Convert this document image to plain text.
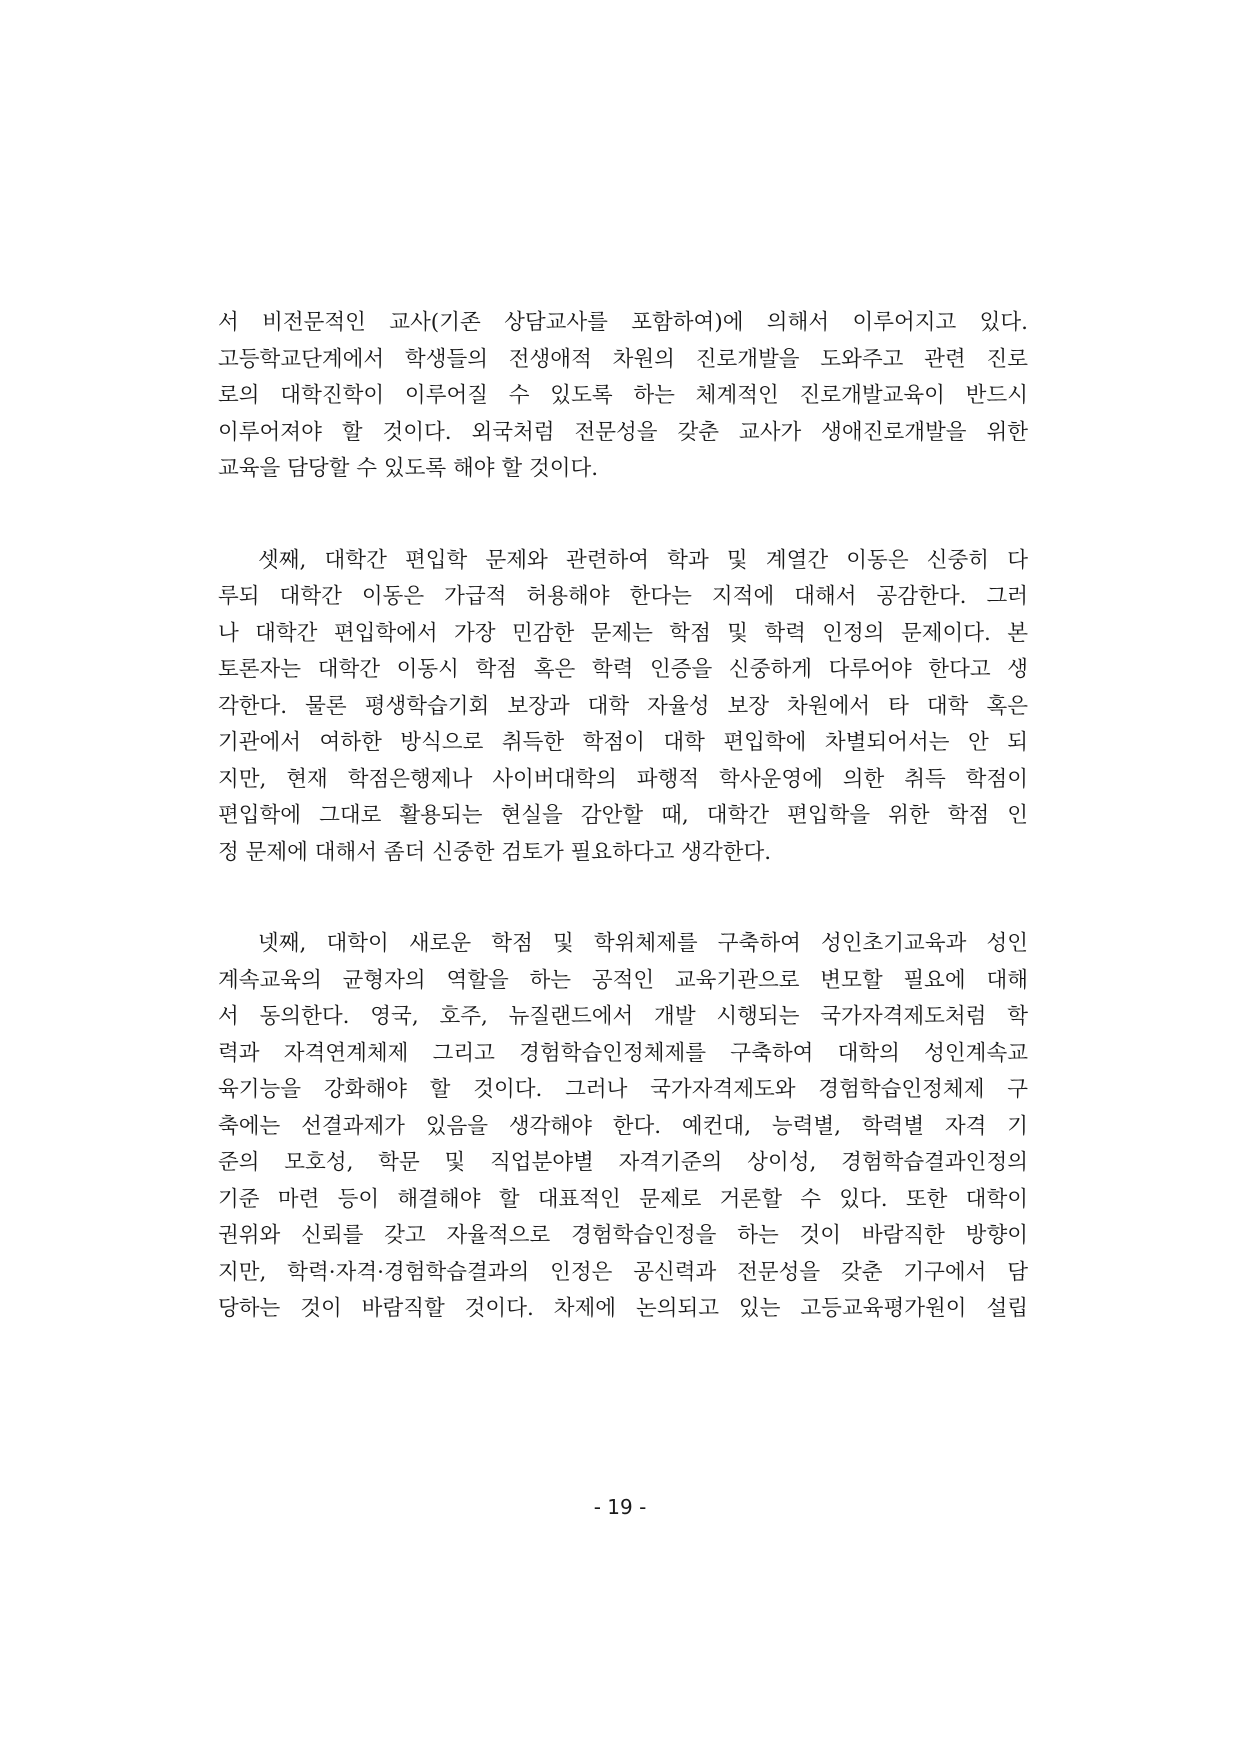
서 비전문적인 교사(기존 상담교사를 포함하여)에 의해서 이루어지고 있다.
고등학교단계에서 학생들의 전생애적 차원의 진로개발을 도와주고 관련 진로
로의 대학진학이 이루어질 수 있도록 하는 체계적인 진로개발교육이 반드시
이루어져야 할 것이다. 외국처럼 전문성을 갖춘 교사가 생애진로개발을 위한
교육을 담당할 수 있도록 해야 할 것이다.
셋째, 대학간 편입학 문제와 관련하여 학과 및 계열간 이동은 신중히 다
루되 대학간 이동은 가급적 허용해야 한다는 지적에 대해서 공감한다. 그러
나 대학간 편입학에서 가장 민감한 문제는 학점 및 학력 인정의 문제이다. 본
토론자는 대학간 이동시 학점 혹은 학력 인증을 신중하게 다루어야 한다고 생
각한다. 물론 평생학습기회 보장과 대학 자율성 보장 차원에서 타 대학 혹은
기관에서 여하한 방식으로 취득한 학점이 대학 편입학에 차별되어서는 안 되
지만, 현재 학점은행제나 사이버대학의 파행적 학사운영에 의한 취득 학점이
편입학에 그대로 활용되는 현실을 감안할 때, 대학간 편입학을 위한 학점 인
정 문제에 대해서 좀더 신중한 검토가 필요하다고 생각한다.
넷째, 대학이 새로운 학점 및 학위체제를 구축하여 성인초기교육과 성인
계속교육의 균형자의 역할을 하는 공적인 교육기관으로 변모할 필요에 대해
서 동의한다. 영국, 호주, 뉴질랜드에서 개발 시행되는 국가자격제도처럼 학
력과 자격연계체제 그리고 경험학습인정체제를 구축하여 대학의 성인계속교
육기능을 강화해야 할 것이다. 그러나 국가자격제도와 경험학습인정체제 구
축에는 선결과제가 있음을 생각해야 한다. 예컨대, 능력별, 학력별 자격 기
준의 모호성, 학문 및 직업분야별 자격기준의 상이성, 경험학습결과인정의
기준 마련 등이 해결해야 할 대표적인 문제로 거론할 수 있다. 또한 대학이
권위와 신뢰를 갖고 자율적으로 경험학습인정을 하는 것이 바람직한 방향이
지만, 학력·자격·경험학습결과의 인정은 공신력과 전문성을 갖춘 기구에서 담
당하는 것이 바람직할 것이다. 차제에 논의되고 있는 고등교육평가원이 설립
- 19 -
